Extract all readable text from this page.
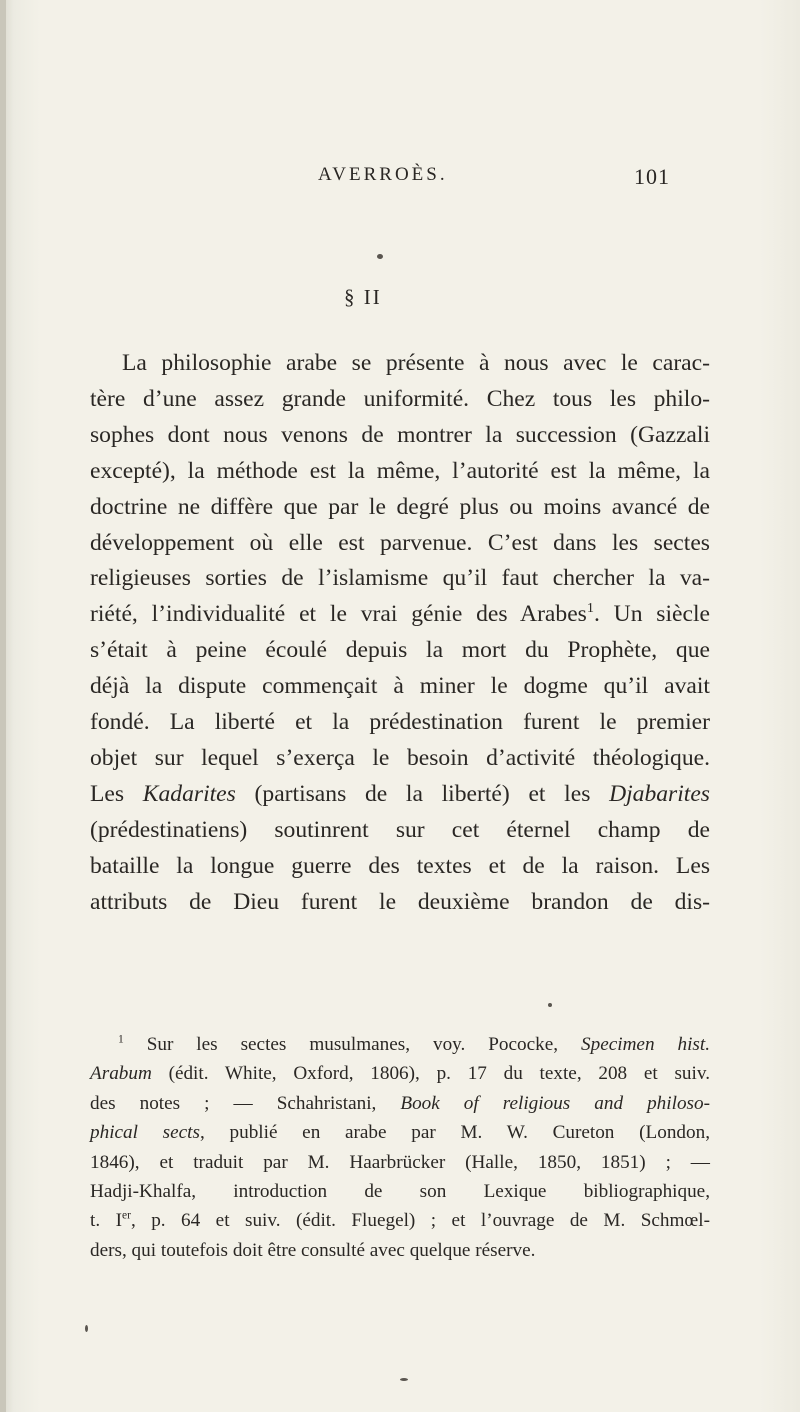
AVERROÈS.	101
§ II
La philosophie arabe se présente à nous avec le carac-
tère d’une assez grande uniformité. Chez tous les philo-
sophes dont nous venons de montrer la succession (Gazzali
excepté), la méthode est la même, l’autorité est la même, la
doctrine ne diffère que par le degré plus ou moins avancé de
développement où elle est parvenue. C’est dans les sectes
religieuses sorties de l’islamisme qu’il faut chercher la va-
riété, l’individualité et le vrai génie des Arabes$^1$. Un siècle
s’était à peine écoulé depuis la mort du Prophète, que
déjà la dispute commençait à miner le dogme qu’il avait
fondé. La liberté et la prédestination furent le premier
objet sur lequel s’exerça le besoin d’activité théologique.
Les Kadarites (partisans de la liberté) et les Djabarites
(prédestinatiens) soutinrent sur cet éternel champ de
bataille la longue guerre des textes et de la raison. Les
attributs de Dieu furent le deuxième brandon de dis-
$^1$ Sur les sectes musulmanes, voy. Pococke, Specimen hist.
Arabum (édit. White, Oxford, 1806), p. 17 du texte, 208 et suiv.
des notes ; — Schahristani, Book of religious and philoso-
phical sects, publié en arabe par M. W. Cureton (London,
1846), et traduit par M. Haarbrücker (Halle, 1850, 1851) ; —
Hadji-Khalfa, introduction de son Lexique bibliographique,
t. Ier, p. 64 et suiv. (édit. Fluegel) ; et l’ouvrage de M. Schmœl-
ders, qui toutefois doit être consulté avec quelque réserve.
